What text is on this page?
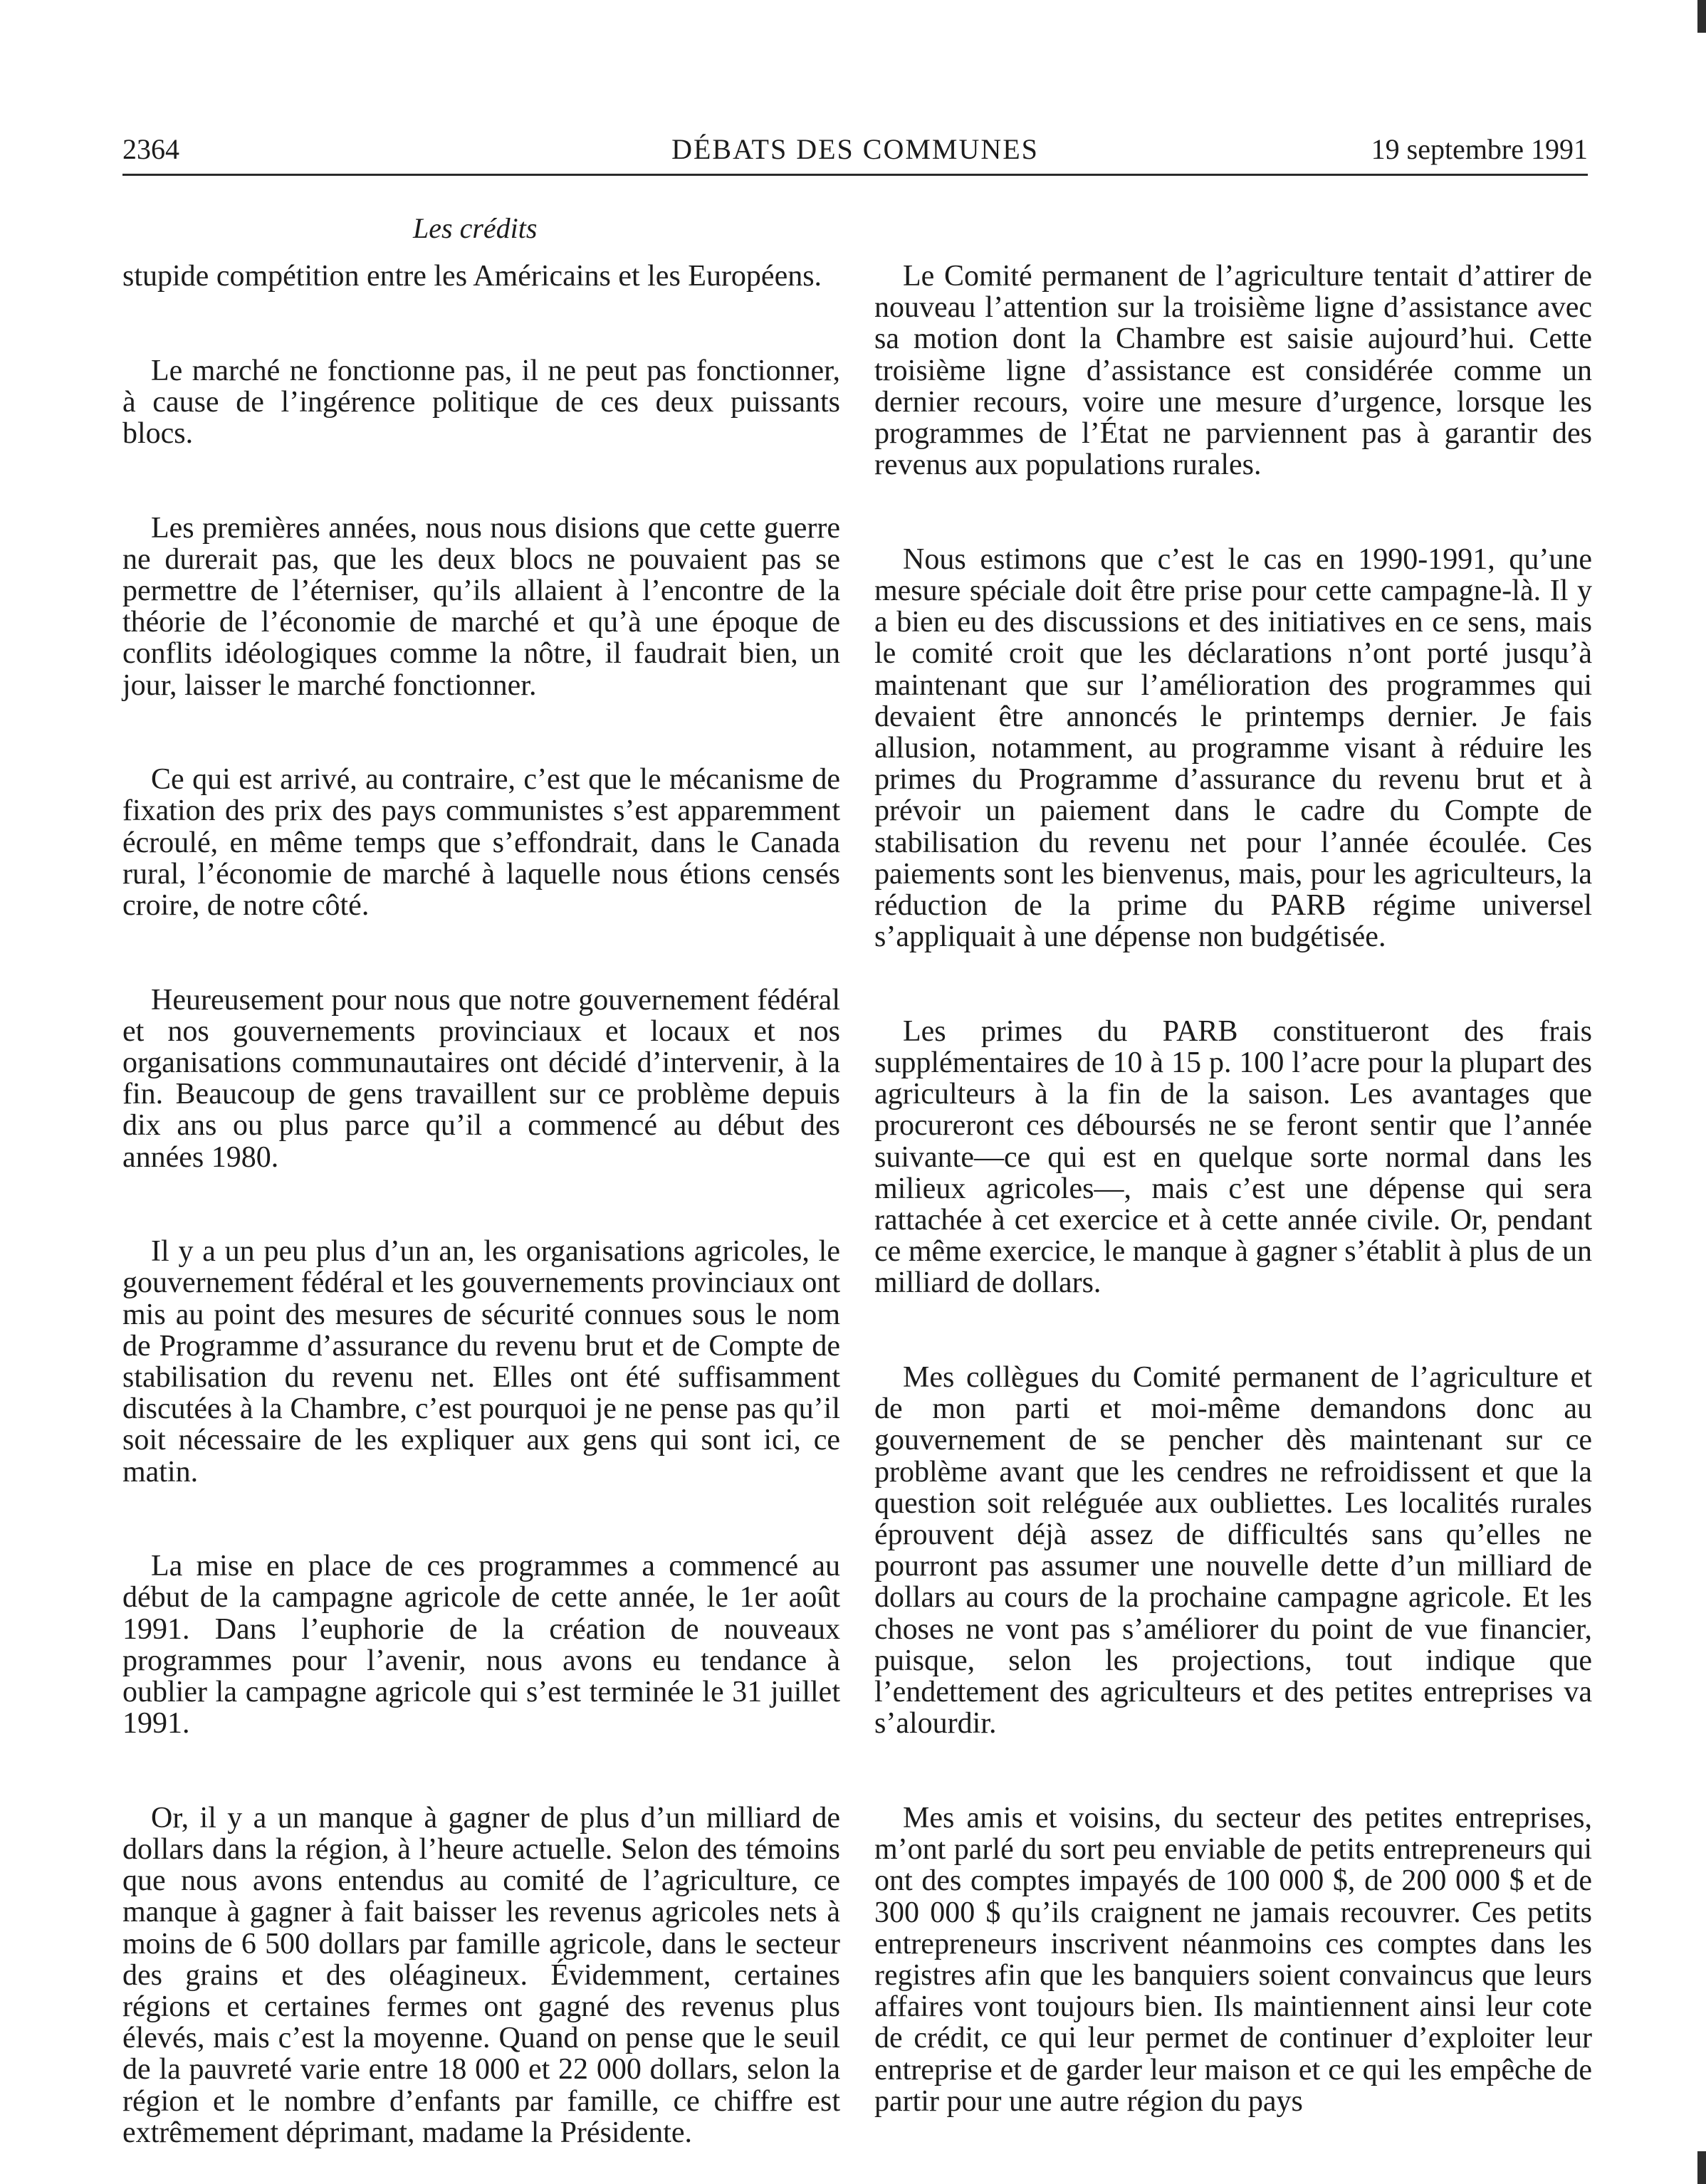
2364	DÉBATS DES COMMUNES	19 septembre 1991
Les crédits

stupide compétition entre les Américains et les Européens.

Le marché ne fonctionne pas, il ne peut pas fonctionner, à cause de l’ingérence politique de ces deux puissants blocs.

Les premières années, nous nous disions que cette guerre ne durerait pas, que les deux blocs ne pouvaient pas se permettre de l’éterniser, qu’ils allaient à l’encontre de la théorie de l’économie de marché et qu’à une époque de conflits idéologiques comme la nôtre, il faudrait bien, un jour, laisser le marché fonctionner.

Ce qui est arrivé, au contraire, c’est que le mécanisme de fixation des prix des pays communistes s’est apparemment écroulé, en même temps que s’effondrait, dans le Canada rural, l’économie de marché à laquelle nous étions censés croire, de notre côté.

Heureusement pour nous que notre gouvernement fédéral et nos gouvernements provinciaux et locaux et nos organisations communautaires ont décidé d’intervenir, à la fin. Beaucoup de gens travaillent sur ce problème depuis dix ans ou plus parce qu’il a commencé au début des années 1980.

Il y a un peu plus d’un an, les organisations agricoles, le gouvernement fédéral et les gouvernements provinciaux ont mis au point des mesures de sécurité connues sous le nom de Programme d’assurance du revenu brut et de Compte de stabilisation du revenu net. Elles ont été suffisamment discutées à la Chambre, c’est pourquoi je ne pense pas qu’il soit nécessaire de les expliquer aux gens qui sont ici, ce matin.

La mise en place de ces programmes a commencé au début de la campagne agricole de cette année, le 1er août 1991. Dans l’euphorie de la création de nouveaux programmes pour l’avenir, nous avons eu tendance à oublier la campagne agricole qui s’est terminée le 31 juillet 1991.

Or, il y a un manque à gagner de plus d’un milliard de dollars dans la région, à l’heure actuelle. Selon des témoins que nous avons entendus au comité de l’agriculture, ce manque à gagner à fait baisser les revenus agricoles nets à moins de 6 500 dollars par famille agricole, dans le secteur des grains et des oléagineux. Évidemment, certaines régions et certaines fermes ont gagné des revenus plus élevés, mais c’est la moyenne. Quand on pense que le seuil de la pauvreté varie entre 18 000 et 22 000 dollars, selon la région et le nombre d’enfants par famille, ce chiffre est extrêmement déprimant, madame la Présidente.

Le Comité permanent de l’agriculture tentait d’attirer de nouveau l’attention sur la troisième ligne d’assistance avec sa motion dont la Chambre est saisie aujourd’hui. Cette troisième ligne d’assistance est considérée comme un dernier recours, voire une mesure d’urgence, lorsque les programmes de l’État ne parviennent pas à garantir des revenus aux populations rurales.

Nous estimons que c’est le cas en 1990-1991, qu’une mesure spéciale doit être prise pour cette campagne-là. Il y a bien eu des discussions et des initiatives en ce sens, mais le comité croit que les déclarations n’ont porté jusqu’à maintenant que sur l’amélioration des programmes qui devaient être annoncés le printemps dernier. Je fais allusion, notamment, au programme visant à réduire les primes du Programme d’assurance du revenu brut et à prévoir un paiement dans le cadre du Compte de stabilisation du revenu net pour l’année écoulée. Ces paiements sont les bienvenus, mais, pour les agriculteurs, la réduction de la prime du PARB régime universel s’appliquait à une dépense non budgétisée.

Les primes du PARB constitueront des frais supplémentaires de 10 à 15 p. 100 l’acre pour la plupart des agriculteurs à la fin de la saison. Les avantages que procureront ces déboursés ne se feront sentir que l’année suivante—ce qui est en quelque sorte normal dans les milieux agricoles—, mais c’est une dépense qui sera rattachée à cet exercice et à cette année civile. Or, pendant ce même exercice, le manque à gagner s’établit à plus de un milliard de dollars.

Mes collègues du Comité permanent de l’agriculture et de mon parti et moi-même demandons donc au gouvernement de se pencher dès maintenant sur ce problème avant que les cendres ne refroidissent et que la question soit reléguée aux oubliettes. Les localités rurales éprouvent déjà assez de difficultés sans qu’elles ne pourront pas assumer une nouvelle dette d’un milliard de dollars au cours de la prochaine campagne agricole. Et les choses ne vont pas s’améliorer du point de vue financier, puisque, selon les projections, tout indique que l’endettement des agriculteurs et des petites entreprises va s’alourdir.

Mes amis et voisins, du secteur des petites entreprises, m’ont parlé du sort peu enviable de petits entrepreneurs qui ont des comptes impayés de 100 000 $, de 200 000 $ et de 300 000 $ qu’ils craignent ne jamais recouvrer. Ces petits entrepreneurs inscrivent néanmoins ces comptes dans les registres afin que les banquiers soient convaincus que leurs affaires vont toujours bien. Ils maintiennent ainsi leur cote de crédit, ce qui leur permet de continuer d’exploiter leur entreprise et de garder leur maison et ce qui les empêche de partir pour une autre région du pays
